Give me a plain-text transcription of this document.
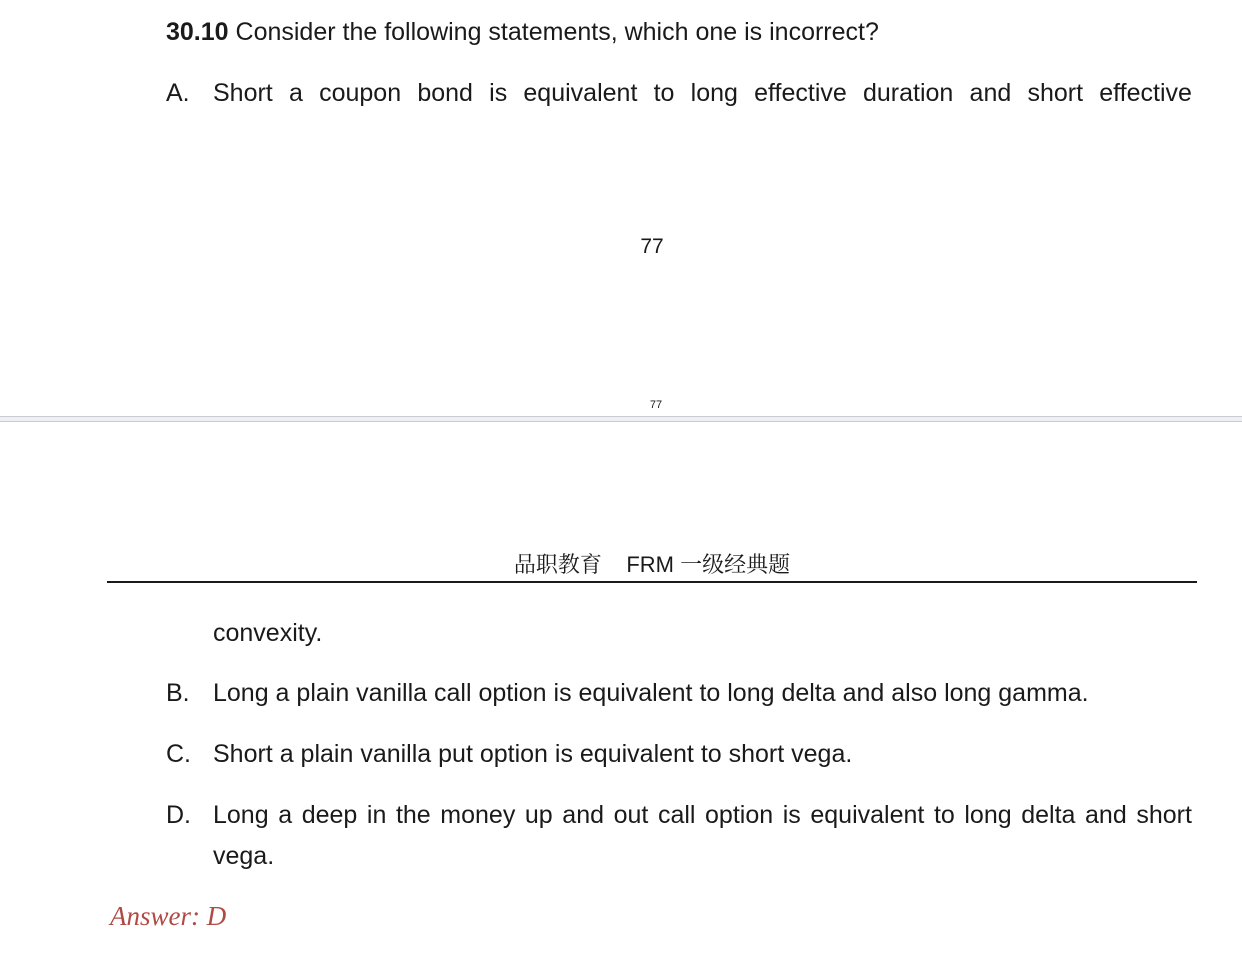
30.10 Consider the following statements, which one is incorrect?
A. Short a coupon bond is equivalent to long effective duration and short effective
77
77
品职教育 FRM 一级经典题
convexity.
B. Long a plain vanilla call option is equivalent to long delta and also long gamma.
C. Short a plain vanilla put option is equivalent to short vega.
D. Long a deep in the money up and out call option is equivalent to long delta and short
vega.
Answer: D
